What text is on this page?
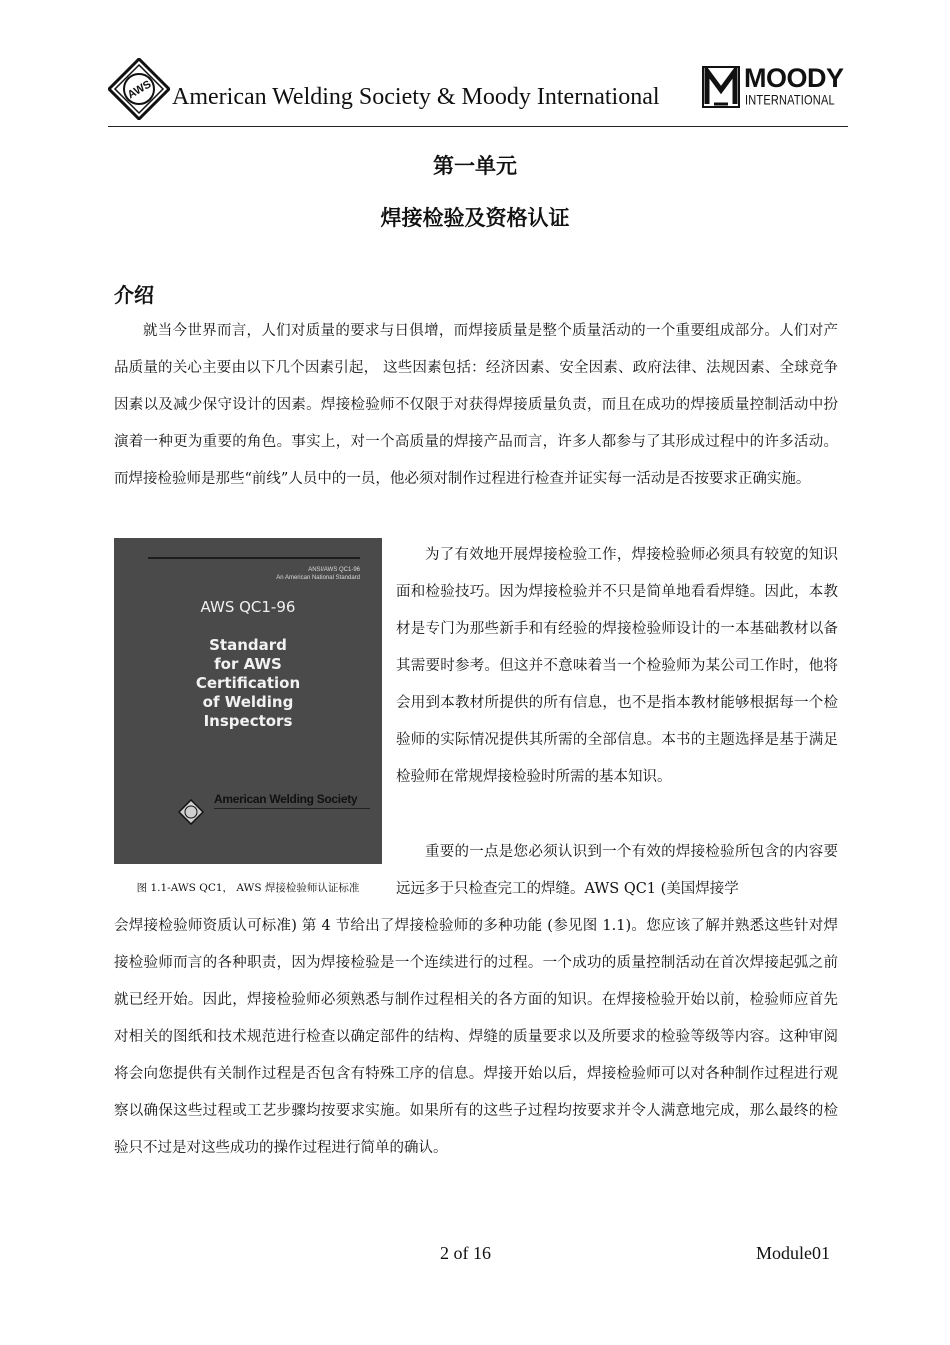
AWS American Welding Society & Moody International
MOODY
INTERNATIONAL
第一单元
焊接检验及资格认证
介绍

就当今世界而言，人们对质量的要求与日俱增，而焊接质量是整个质量活动的一个重要组成部分。人们对产品质量的关心主要由以下几个因素引起， 这些因素包括：经济因素、安全因素、政府法律、法规因素、全球竞争因素以及减少保守设计的因素。焊接检验师不仅限于对获得焊接质量负责，而且在成功的焊接质量控制活动中扮演着一种更为重要的角色。事实上，对一个高质量的焊接产品而言，许多人都参与了其形成过程中的许多活动。而焊接检验师是那些“前线”人员中的一员，他必须对制作过程进行检查并证实每一活动是否按要求正确实施。

ANSI/AWS QC1-96
An American National Standard
AWS QC1-96
Standard
for AWS
Certification
of Welding
Inspectors
American Welding Society
图 1.1-AWS QC1， AWS 焊接检验师认证标准

为了有效地开展焊接检验工作，焊接检验师必须具有较宽的知识面和检验技巧。因为焊接检验并不只是简单地看看焊缝。因此，本教材是专门为那些新手和有经验的焊接检验师设计的一本基础教材以备其需要时参考。但这并不意味着当一个检验师为某公司工作时，他将会用到本教材所提供的所有信息，也不是指本教材能够根据每一个检验师的实际情况提供其所需的全部信息。本书的主题选择是基于满足检验师在常规焊接检验时所需的基本知识。

重要的一点是您必须认识到一个有效的焊接检验所包含的内容要远远多于只检查完工的焊缝。AWS QC1 (美国焊接学

会焊接检验师资质认可标准) 第 4 节给出了焊接检验师的多种功能 (参见图 1.1)。您应该了解并熟悉这些针对焊接检验师而言的各种职责，因为焊接检验是一个连续进行的过程。一个成功的质量控制活动在首次焊接起弧之前就已经开始。因此，焊接检验师必须熟悉与制作过程相关的各方面的知识。在焊接检验开始以前，检验师应首先对相关的图纸和技术规范进行检查以确定部件的结构、焊缝的质量要求以及所要求的检验等级等内容。这种审阅将会向您提供有关制作过程是否包含有特殊工序的信息。焊接开始以后，焊接检验师可以对各种制作过程进行观察以确保这些过程或工艺步骤均按要求实施。如果所有的这些子过程均按要求并令人满意地完成，那么最终的检验只不过是对这些成功的操作过程进行简单的确认。

2 of 16	Module01
